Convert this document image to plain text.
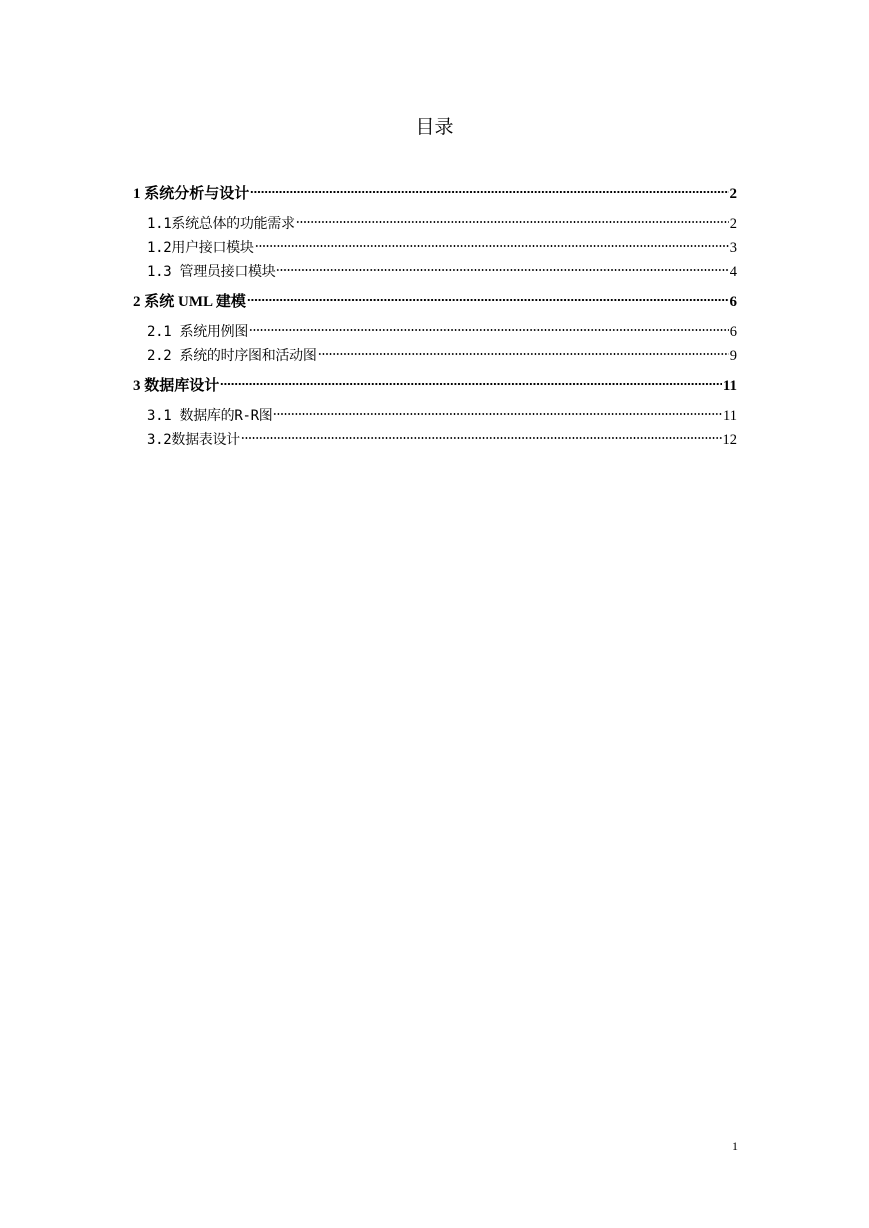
目录
1 系统分析与设计	2
1.1系统总体的功能需求	2
1.2用户接口模块	3
1.3 管理员接口模块	4
2 系统 UML 建模	6
2.1 系统用例图	6
2.2 系统的时序图和活动图	9
3 数据库设计	11
3.1 数据库的R-R图	11
3.2数据表设计	12
1
